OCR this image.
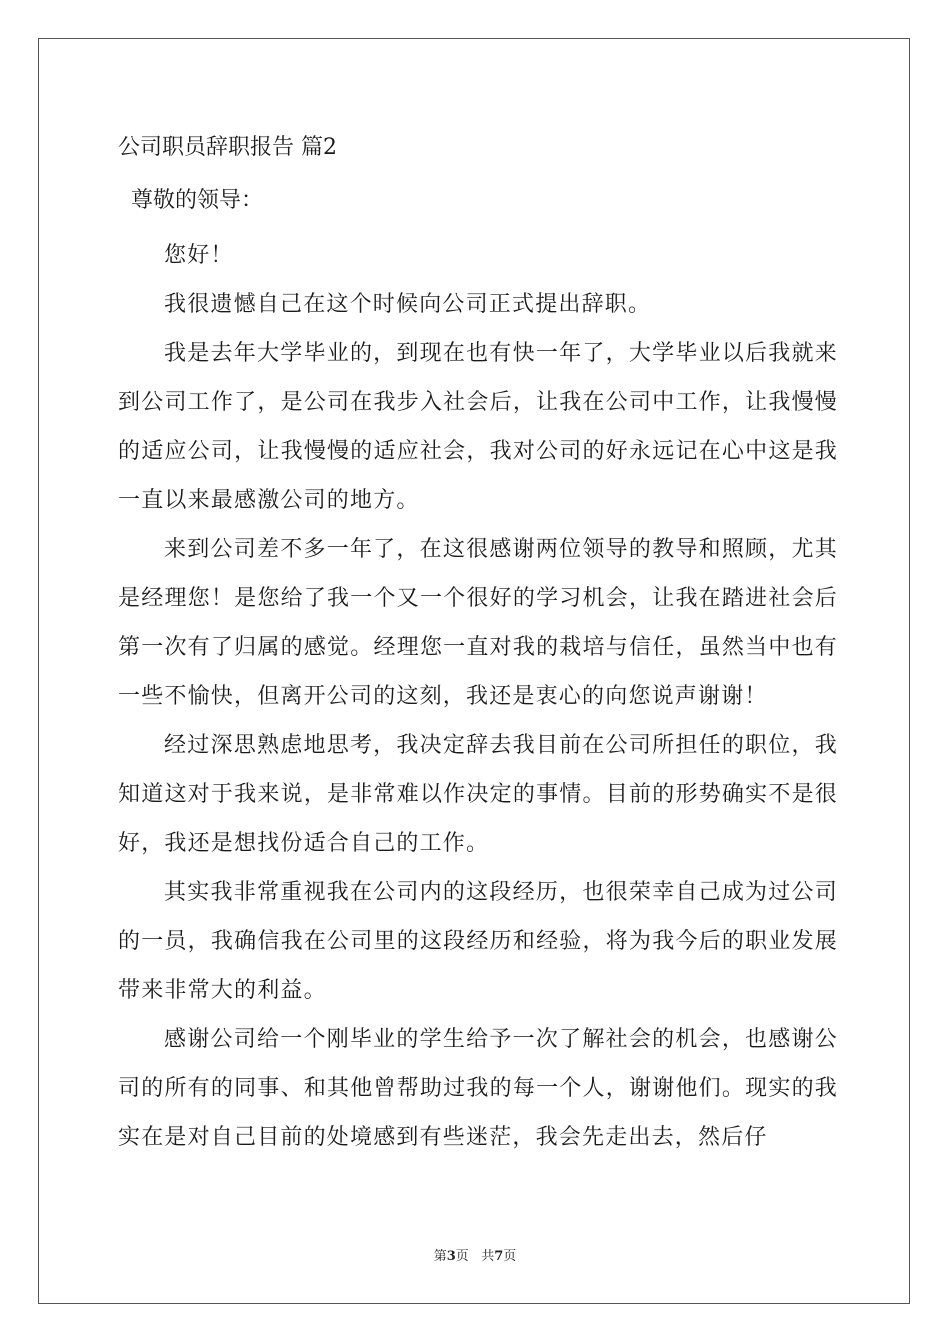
公司职员辞职报告 篇2
尊敬的领导：

您好！

我很遗憾自己在这个时候向公司正式提出辞职。

我是去年大学毕业的，到现在也有快一年了，大学毕业以后我就来到公司工作了，是公司在我步入社会后，让我在公司中工作，让我慢慢的适应公司，让我慢慢的适应社会，我对公司的好永远记在心中这是我一直以来最感激公司的地方。

来到公司差不多一年了，在这很感谢两位领导的教导和照顾，尤其是经理您！是您给了我一个又一个很好的学习机会，让我在踏进社会后第一次有了归属的感觉。经理您一直对我的栽培与信任，虽然当中也有一些不愉快，但离开公司的这刻，我还是衷心的向您说声谢谢！

经过深思熟虑地思考，我决定辞去我目前在公司所担任的职位，我知道这对于我来说，是非常难以作决定的事情。目前的形势确实不是很好，我还是想找份适合自己的工作。

其实我非常重视我在公司内的这段经历，也很荣幸自己成为过公司的一员，我确信我在公司里的这段经历和经验，将为我今后的职业发展带来非常大的利益。

感谢公司给一个刚毕业的学生给予一次了解社会的机会，也感谢公司的所有的同事、和其他曾帮助过我的每一个人，谢谢他们。现实的我实在是对自己目前的处境感到有些迷茫，我会先走出去，然后仔

第3页 共7页
